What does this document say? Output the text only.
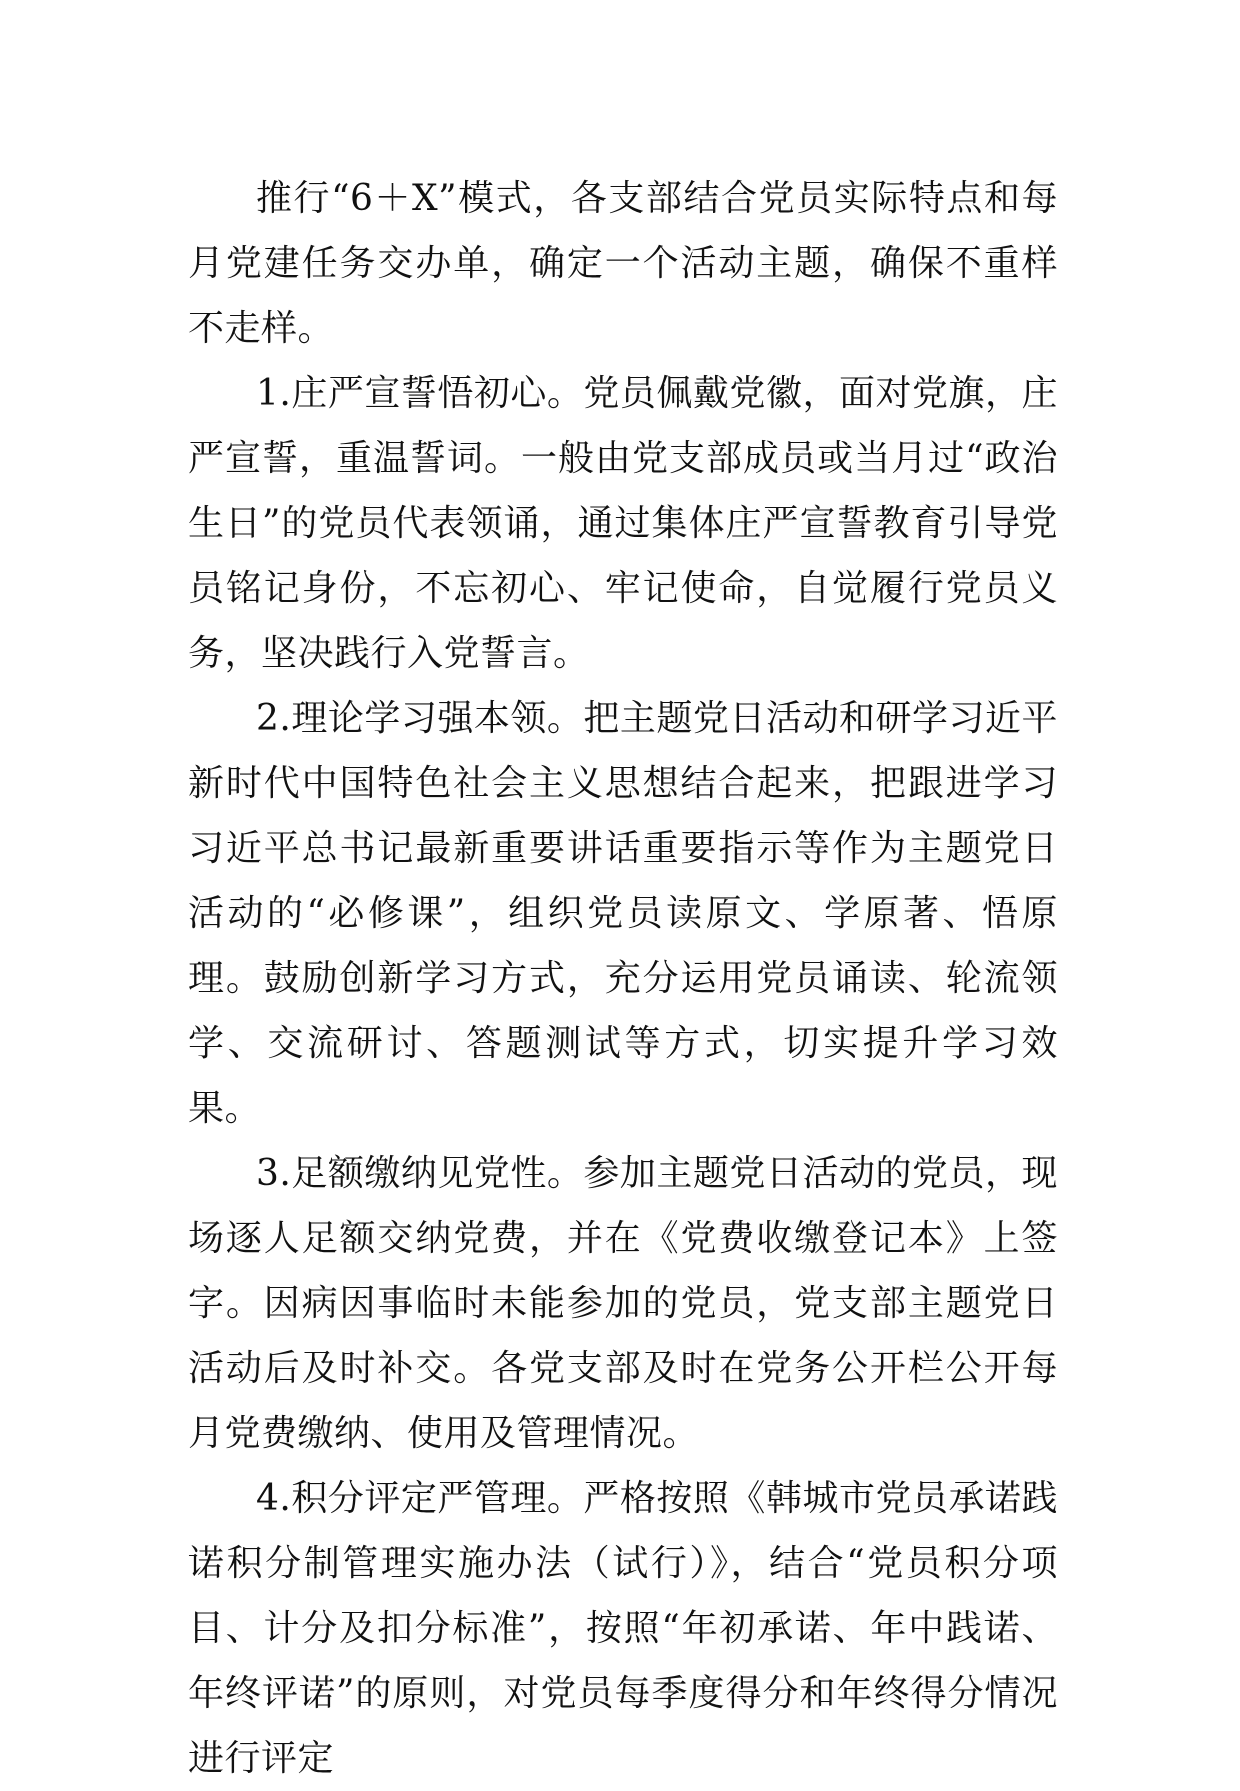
推行“6＋X”模式，各支部结合党员实际特点和每月党建任务交办单，确定一个活动主题，确保不重样不走样。

1.庄严宣誓悟初心。党员佩戴党徽，面对党旗，庄严宣誓，重温誓词。一般由党支部成员或当月过“政治生日”的党员代表领诵，通过集体庄严宣誓教育引导党员铭记身份，不忘初心、牢记使命，自觉履行党员义务，坚决践行入党誓言。

2.理论学习强本领。把主题党日活动和研学习近平新时代中国特色社会主义思想结合起来，把跟进学习习近平总书记最新重要讲话重要指示等作为主题党日活动的“必修课”，组织党员读原文、学原著、悟原理。鼓励创新学习方式，充分运用党员诵读、轮流领学、交流研讨、答题测试等方式，切实提升学习效果。

3.足额缴纳见党性。参加主题党日活动的党员，现场逐人足额交纳党费，并在《党费收缴登记本》上签字。因病因事临时未能参加的党员，党支部主题党日活动后及时补交。各党支部及时在党务公开栏公开每月党费缴纳、使用及管理情况。

4.积分评定严管理。严格按照《韩城市党员承诺践诺积分制管理实施办法（试行）》，结合“党员积分项目、计分及扣分标准”，按照“年初承诺、年中践诺、年终评诺”的原则，对党员每季度得分和年终得分情况进行评定
